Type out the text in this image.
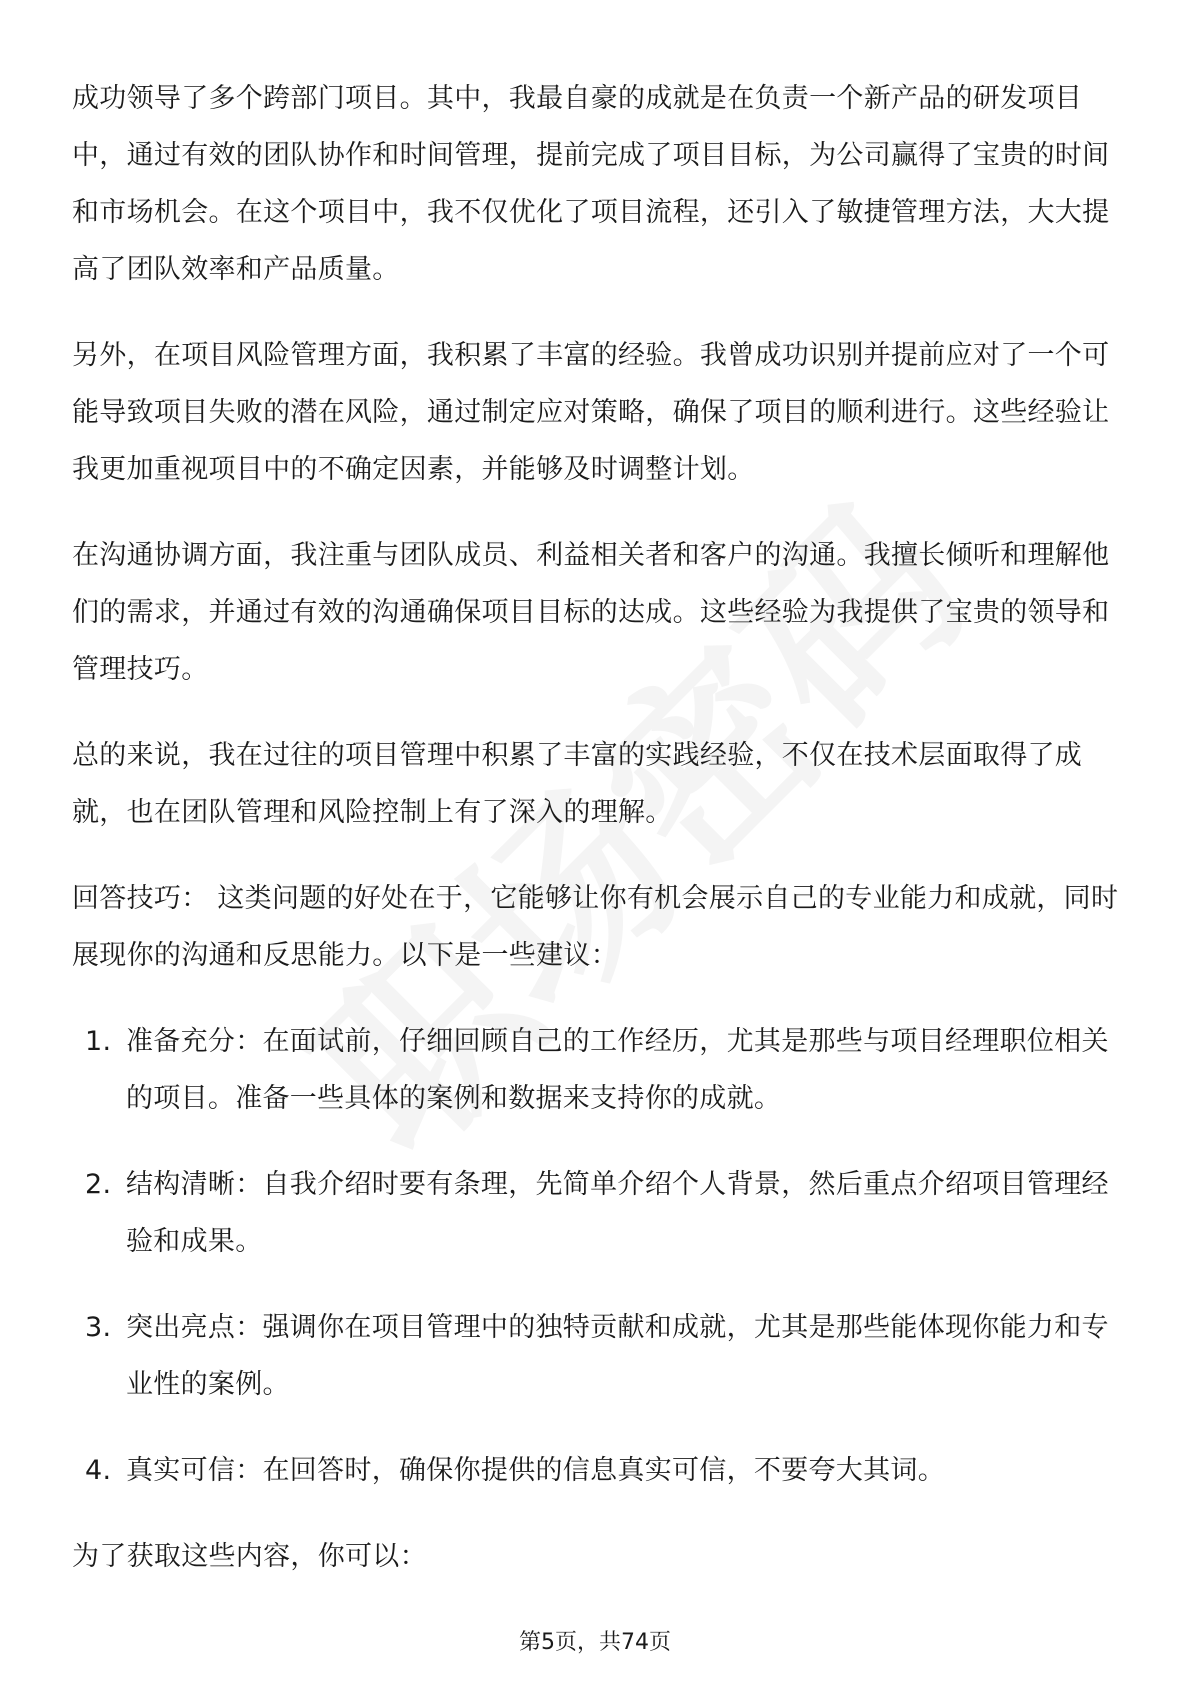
成功领导了多个跨部门项目。其中，我最自豪的成就是在负责一个新产品的研发项目中，通过有效的团队协作和时间管理，提前完成了项目目标，为公司赢得了宝贵的时间和市场机会。在这个项目中，我不仅优化了项目流程，还引入了敏捷管理方法，大大提高了团队效率和产品质量。

另外，在项目风险管理方面，我积累了丰富的经验。我曾成功识别并提前应对了一个可能导致项目失败的潜在风险，通过制定应对策略，确保了项目的顺利进行。这些经验让我更加重视项目中的不确定因素，并能够及时调整计划。

在沟通协调方面，我注重与团队成员、利益相关者和客户的沟通。我擅长倾听和理解他们的需求，并通过有效的沟通确保项目目标的达成。这些经验为我提供了宝贵的领导和管理技巧。

总的来说，我在过往的项目管理中积累了丰富的实践经验，不仅在技术层面取得了成就，也在团队管理和风险控制上有了深入的理解。

回答技巧： 这类问题的好处在于，它能够让你有机会展示自己的专业能力和成就，同时展现你的沟通和反思能力。以下是一些建议：

1. 准备充分：在面试前，仔细回顾自己的工作经历，尤其是那些与项目经理职位相关的项目。准备一些具体的案例和数据来支持你的成就。
2. 结构清晰：自我介绍时要有条理，先简单介绍个人背景，然后重点介绍项目管理经验和成果。
3. 突出亮点：强调你在项目管理中的独特贡献和成就，尤其是那些能体现你能力和专业性的案例。
4. 真实可信：在回答时，确保你提供的信息真实可信，不要夸大其词。

为了获取这些内容，你可以：

第5页，共74页
